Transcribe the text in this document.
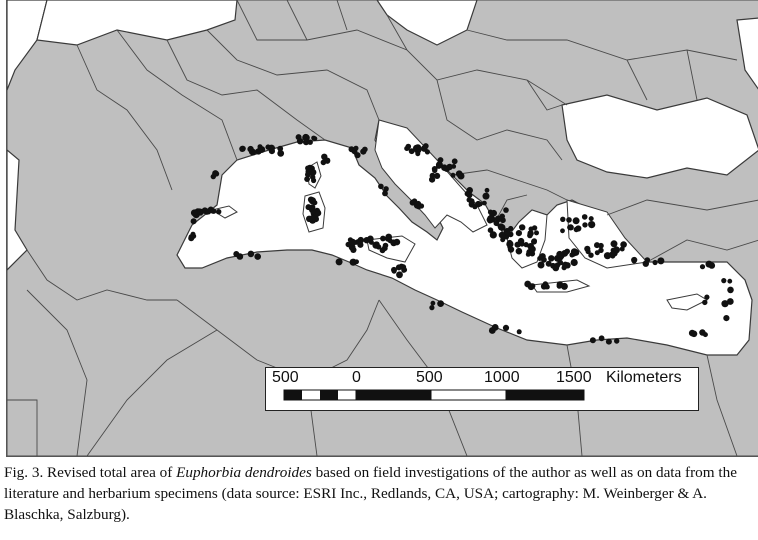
500	0	500	1000 1500 Kilometers
Fig. 3. Revised total area of Euphorbia dendroides based on field investigations of the author as well as on data from the literature and herbarium specimens (data source: ESRI Inc., Redlands, CA, USA; cartography: M. Weinberger & A. Blaschka, Salzburg).
